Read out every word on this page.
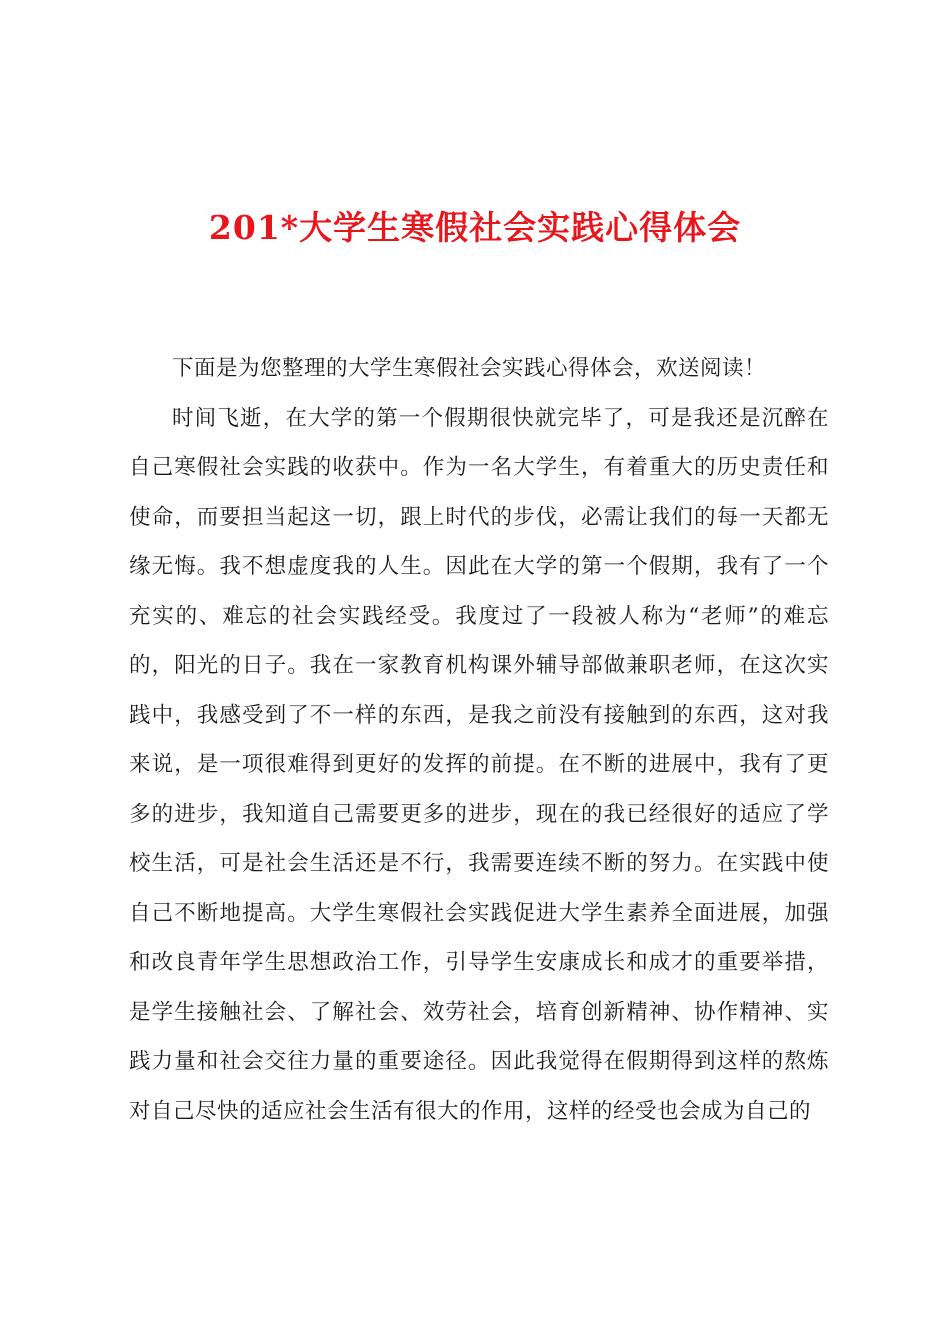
201*大学生寒假社会实践心得体会

下面是为您整理的大学生寒假社会实践心得体会，欢送阅读！

时间飞逝，在大学的第一个假期很快就完毕了，可是我还是沉醉在自己寒假社会实践的收获中。作为一名大学生，有着重大的历史责任和使命，而要担当起这一切，跟上时代的步伐，必需让我们的每一天都无缘无悔。我不想虚度我的人生。因此在大学的第一个假期，我有了一个充实的、难忘的社会实践经受。我度过了一段被人称为“老师”的难忘的，阳光的日子。我在一家教育机构课外辅导部做兼职老师，在这次实践中，我感受到了不一样的东西，是我之前没有接触到的东西，这对我来说，是一项很难得到更好的发挥的前提。在不断的进展中，我有了更多的进步，我知道自己需要更多的进步，现在的我已经很好的适应了学校生活，可是社会生活还是不行，我需要连续不断的努力。在实践中使自己不断地提高。大学生寒假社会实践促进大学生素养全面进展，加强和改良青年学生思想政治工作，引导学生安康成长和成才的重要举措，是学生接触社会、了解社会、效劳社会，培育创新精神、协作精神、实践力量和社会交往力量的重要途径。因此我觉得在假期得到这样的熬炼对自己尽快的适应社会生活有很大的作用，这样的经受也会成为自己的
